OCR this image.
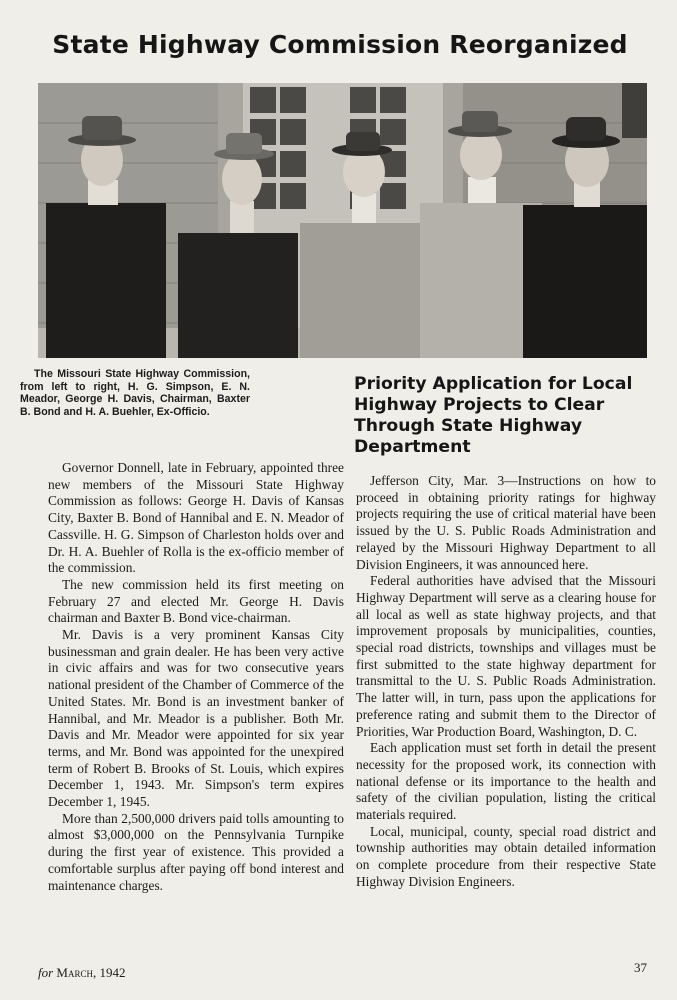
State Highway Commission Reorganized

The Missouri State Highway Commission, from left to right, H. G. Simpson, E. N. Meador, George H. Davis, Chairman, Baxter B. Bond and H. A. Buehler, Ex-Officio.

Governor Donnell, late in February, appointed three new members of the Missouri State Highway Commission as follows: George H. Davis of Kansas City, Baxter B. Bond of Hannibal and E. N. Meador of Cassville. H. G. Simpson of Charleston holds over and Dr. H. A. Buehler of Rolla is the ex-officio member of the commission.

The new commission held its first meeting on February 27 and elected Mr. George H. Davis chairman and Baxter B. Bond vice-chairman.

Mr. Davis is a very prominent Kansas City businessman and grain dealer. He has been very active in civic affairs and was for two consecutive years national president of the Chamber of Commerce of the United States. Mr. Bond is an investment banker of Hannibal, and Mr. Meador is a publisher. Both Mr. Davis and Mr. Meador were appointed for six year terms, and Mr. Bond was appointed for the unexpired term of Robert B. Brooks of St. Louis, which expires December 1, 1943. Mr. Simpson's term expires December 1, 1945.

More than 2,500,000 drivers paid tolls amounting to almost $3,000,000 on the Pennsylvania Turnpike during the first year of existence. This provided a comfortable surplus after paying off bond interest and maintenance charges.

Priority Application for Local Highway Projects to Clear Through State Highway Department

Jefferson City, Mar. 3—Instructions on how to proceed in obtaining priority ratings for highway projects requiring the use of critical material have been issued by the U. S. Public Roads Administration and relayed by the Missouri Highway Department to all Division Engineers, it was announced here.

Federal authorities have advised that the Missouri Highway Department will serve as a clearing house for all local as well as state highway projects, and that improvement proposals by municipalities, counties, special road districts, townships and villages must be first submitted to the state highway department for transmittal to the U. S. Public Roads Administration. The latter will, in turn, pass upon the applications for preference rating and submit them to the Director of Priorities, War Production Board, Washington, D. C.

Each application must set forth in detail the present necessity for the proposed work, its connection with national defense or its importance to the health and safety of the civilian population, listing the critical materials required.

Local, municipal, county, special road district and township authorities may obtain detailed information on complete procedure from their respective State Highway Division Engineers.

for March, 1942	37
